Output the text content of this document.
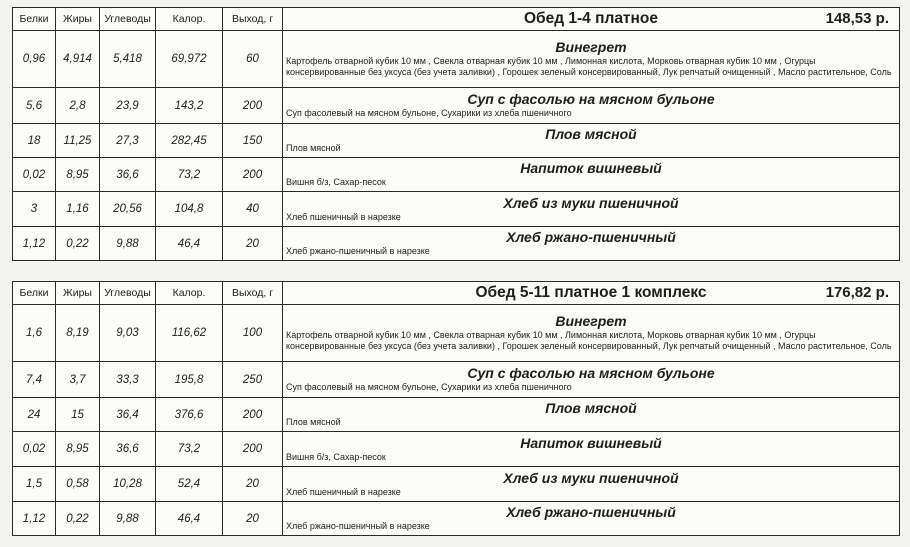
Белки	Жиры	Углеводы	Калор.	Выход, г	Обед 1-4 платное 148,53 р.

0,96	4,914	5,418	69,972	60	Винегрет
Картофель отварной кубик 10 мм , Свекла отварная кубик 10 мм , Лимонная кислота, Морковь отварная кубик 10 мм , Огурцы консервированные без уксуса (без учета заливки) , Горошек зеленый консервированный, Лук репчатый очищенный , Масло растительное, Соль

5,6	2,8	23,9	143,2	200	Суп с фасолью на мясном бульоне
Суп фасолевый на мясном бульоне, Сухарики из хлеба пшеничного

18	11,25	27,3	282,45	150	Плов мясной
Плов мясной

0,02	8,95	36,6	73,2	200	Напиток вишневый
Вишня б/з, Сахар-песок

3	1,16	20,56	104,8	40	Хлеб из муки пшеничной
Хлеб пшеничный в нарезке

1,12	0,22	9,88	46,4	20	Хлеб ржано-пшеничный
Хлеб ржано-пшеничный в нарезке
Белки	Жиры	Углеводы	Калор.	Выход, г	Обед 5-11 платное 1 комплекс 176,82 р.

1,6	8,19	9,03	116,62	100	Винегрет
Картофель отварной кубик 10 мм , Свекла отварная кубик 10 мм , Лимонная кислота, Морковь отварная кубик 10 мм , Огурцы консервированные без уксуса (без учета заливки) , Горошек зеленый консервированный, Лук репчатый очищенный , Масло растительное, Соль

7,4	3,7	33,3	195,8	250	Суп с фасолью на мясном бульоне
Суп фасолевый на мясном бульоне, Сухарики из хлеба пшеничного

24	15	36,4	376,6	200	Плов мясной
Плов мясной

0,02	8,95	36,6	73,2	200	Напиток вишневый
Вишня б/з, Сахар-песок

1,5	0,58	10,28	52,4	20	Хлеб из муки пшеничной
Хлеб пшеничный в нарезке

1,12	0,22	9,88	46,4	20	Хлеб ржано-пшеничный
Хлеб ржано-пшеничный в нарезке
